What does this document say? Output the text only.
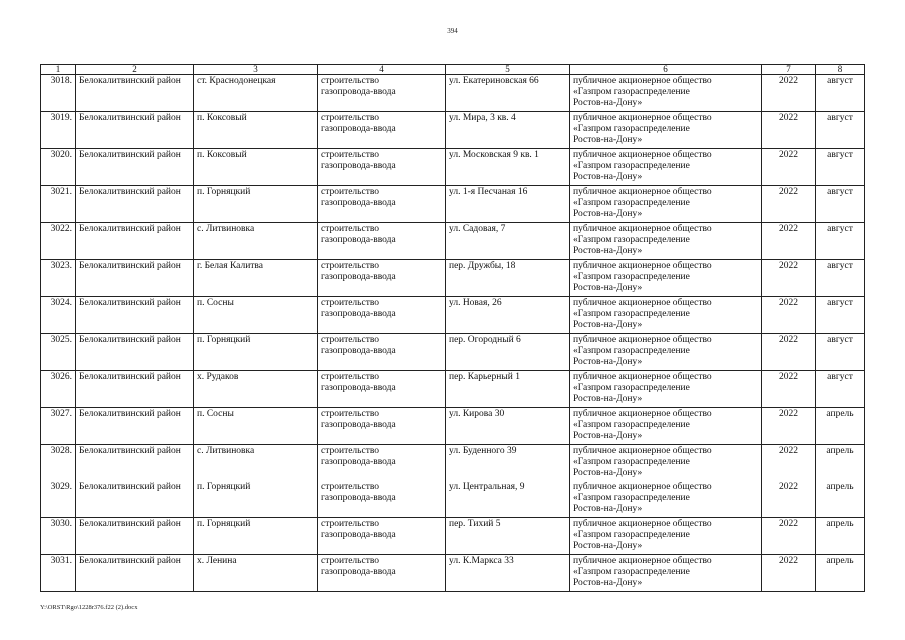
394
1	2	3	4	5	6	7	8
3018.	Белокалитвинский район	ст. Краснодонецкая	строительство
газопровода-ввода	ул. Екатериновская 66	публичное акционерное общество
«Газпром газораспределение
Ростов-на-Дону»	2022	август
3019.	Белокалитвинский район	п. Коксовый	строительство
газопровода-ввода	ул. Мира, 3 кв. 4	публичное акционерное общество
«Газпром газораспределение
Ростов-на-Дону»	2022	август
3020.	Белокалитвинский район	п. Коксовый	строительство
газопровода-ввода	ул. Московская 9 кв. 1	публичное акционерное общество
«Газпром газораспределение
Ростов-на-Дону»	2022	август
3021.	Белокалитвинский район	п. Горняцкий	строительство
газопровода-ввода	ул. 1-я Песчаная 16	публичное акционерное общество
«Газпром газораспределение
Ростов-на-Дону»	2022	август
3022.	Белокалитвинский район	с. Литвиновка	строительство
газопровода-ввода	ул. Садовая, 7	публичное акционерное общество
«Газпром газораспределение
Ростов-на-Дону»	2022	август
3023.	Белокалитвинский район	г. Белая Калитва	строительство
газопровода-ввода	пер. Дружбы, 18	публичное акционерное общество
«Газпром газораспределение
Ростов-на-Дону»	2022	август
3024.	Белокалитвинский район	п. Сосны	строительство
газопровода-ввода	ул. Новая, 26	публичное акционерное общество
«Газпром газораспределение
Ростов-на-Дону»	2022	август
3025.	Белокалитвинский район	п. Горняцкий	строительство
газопровода-ввода	пер. Огородный 6	публичное акционерное общество
«Газпром газораспределение
Ростов-на-Дону»	2022	август
3026.	Белокалитвинский район	х. Рудаков	строительство
газопровода-ввода	пер. Карьерный 1	публичное акционерное общество
«Газпром газораспределение
Ростов-на-Дону»	2022	август
3027.	Белокалитвинский район	п. Сосны	строительство
газопровода-ввода	ул. Кирова 30	публичное акционерное общество
«Газпром газораспределение
Ростов-на-Дону»	2022	апрель
3028.	Белокалитвинский район	с. Литвиновка	строительство
газопровода-ввода	ул. Буденного 39	публичное акционерное общество
«Газпром газораспределение
Ростов-на-Дону»	2022	апрель
3029.	Белокалитвинский район	п. Горняцкий	строительство
газопровода-ввода	ул. Центральная, 9	публичное акционерное общество
«Газпром газораспределение
Ростов-на-Дону»	2022	апрель
3030.	Белокалитвинский район	п. Горняцкий	строительство
газопровода-ввода	пер. Тихий 5	публичное акционерное общество
«Газпром газораспределение
Ростов-на-Дону»	2022	апрель
3031.	Белокалитвинский район	х. Ленина	строительство
газопровода-ввода	ул. К.Маркса 33	публичное акционерное общество
«Газпром газораспределение
Ростов-на-Дону»	2022	апрель
Y:\ORST\Rgo\1228r376.f22 (2).docx
